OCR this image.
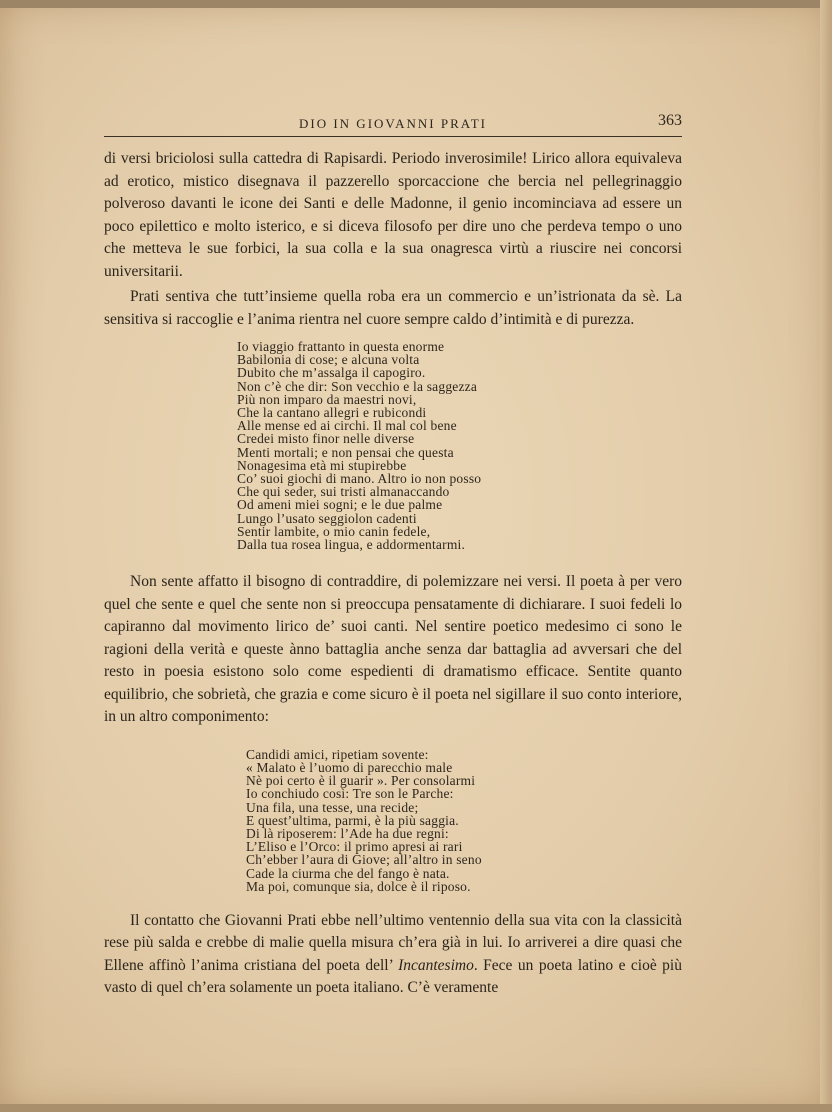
DIO IN GIOVANNI PRATI	363

di versi briciolosi sulla cattedra di Rapisardi. Periodo inverosimile! Lirico allora equivaleva ad erotico, mistico disegnava il pazzerello sporcaccione che bercia nel pellegrinaggio polveroso davanti le icone dei Santi e delle Madonne, il genio incominciava ad essere un poco epilettico e molto isterico, e si diceva filosofo per dire uno che perdeva tempo o uno che metteva le sue forbici, la sua colla e la sua onagresca virtù a riuscire nei concorsi universitarii.

Prati sentiva che tutt’insieme quella roba era un commercio e un’istrionata da sè. La sensitiva si raccoglie e l’anima rientra nel cuore sempre caldo d’intimità e di purezza.

Io viaggio frattanto in questa enorme
Babilonia di cose; e alcuna volta
Dubito che m’assalga il capogiro.
Non c’è che dir: Son vecchio e la saggezza
Più non imparo da maestri novi,
Che la cantano allegri e rubicondi
Alle mense ed ai circhi. Il mal col bene
Credei misto finor nelle diverse
Menti mortali; e non pensai che questa
Nonagesima età mi stupirebbe
Co’ suoi giochi di mano. Altro io non posso
Che qui seder, sui tristi almanaccando
Od ameni miei sogni; e le due palme
Lungo l’usato seggiolon cadenti
Sentir lambite, o mio canin fedele,
Dalla tua rosea lingua, e addormentarmi.

Non sente affatto il bisogno di contraddire, di polemizzare nei versi. Il poeta à per vero quel che sente e quel che sente non si preoccupa pensatamente di dichiarare. I suoi fedeli lo capiranno dal movimento lirico de’ suoi canti. Nel sentire poetico medesimo ci sono le ragioni della verità e queste ànno battaglia anche senza dar battaglia ad avversari che del resto in poesia esistono solo come espedienti di dramatismo efficace. Sentite quanto equilibrio, che sobrietà, che grazia e come sicuro è il poeta nel sigillare il suo conto interiore, in un altro componimento:

Candidi amici, ripetiam sovente:
« Malato è l’uomo di parecchio male
Nè poi certo è il guarir ». Per consolarmi
Io conchiudo così: Tre son le Parche:
Una fila, una tesse, una recide;
E quest’ultima, parmi, è la più saggia.
Di là riposerem: l’Ade ha due regni:
L’Eliso e l’Orco: il primo apresi ai rari
Ch’ebber l’aura di Giove; all’altro in seno
Cade la ciurma che del fango è nata.
Ma poi, comunque sia, dolce è il riposo.

Il contatto che Giovanni Prati ebbe nell’ultimo ventennio della sua vita con la classicità rese più salda e crebbe di malie quella misura ch’era già in lui. Io arriverei a dire quasi che Ellene affinò l’anima cristiana del poeta dell’ Incantesimo. Fece un poeta latino e cioè più vasto di quel ch’era solamente un poeta italiano. C’è veramente
